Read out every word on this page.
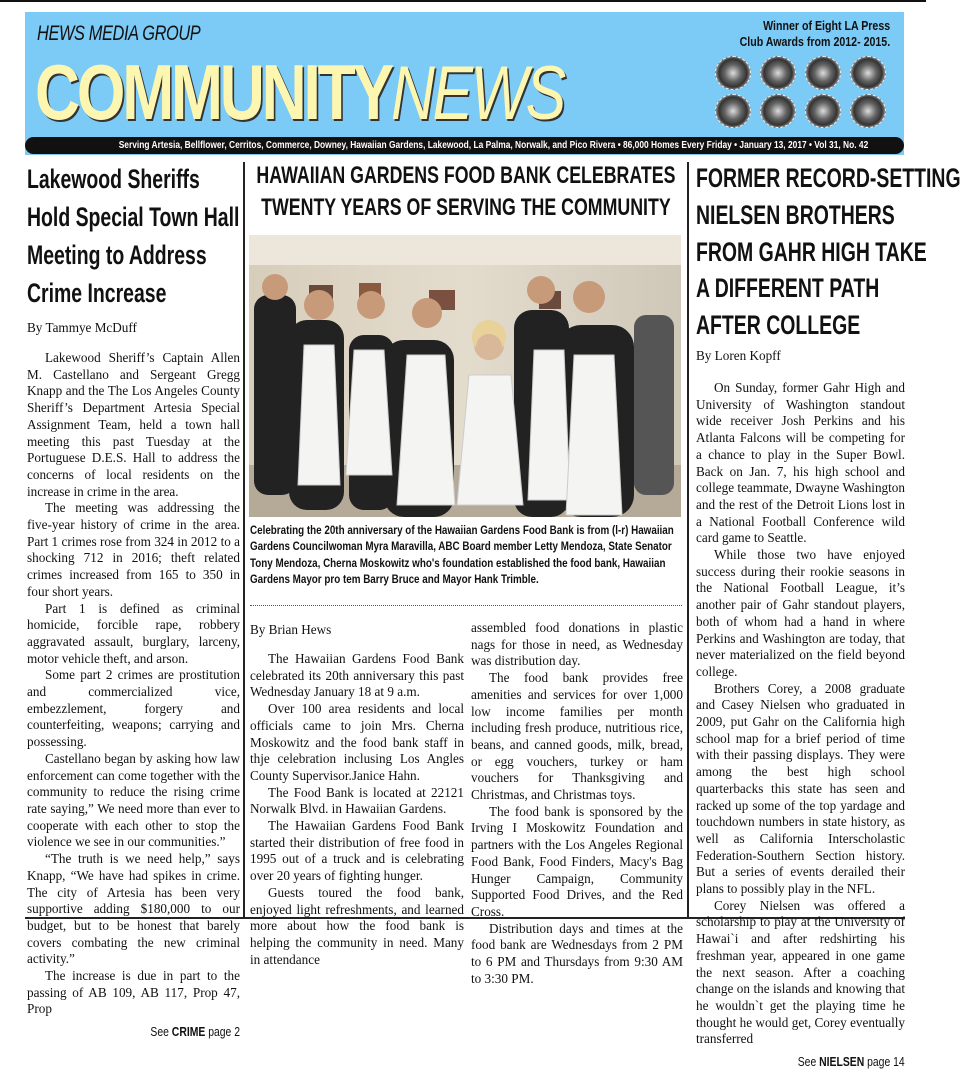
HEWS MEDIA GROUP
COMMUNITYNEWS
Winner of Eight LA Press
Club Awards from 2012- 2015.
Serving Artesia, Bellflower, Cerritos, Commerce, Downey, Hawaiian Gardens, Lakewood, La Palma, Norwalk, and Pico Rivera • 86,000 Homes Every Friday • January 13, 2017 • Vol 31, No. 42
Lakewood Sheriffs
Hold Special Town Hall
Meeting to Address
Crime Increase
By Tammye McDuff

Lakewood Sheriff’s Captain Allen M. Castellano and Sergeant Gregg Knapp and the The Los Angeles County Sheriff’s Department Artesia Special Assignment Team, held a town hall meeting this past Tuesday at the Portuguese D.E.S. Hall to address the concerns of local residents on the increase in crime in the area.

The meeting was addressing the five-year history of crime in the area. Part 1 crimes rose from 324 in 2012 to a shocking 712 in 2016; theft related crimes increased from 165 to 350 in four short years.

Part 1 is defined as criminal homicide, forcible rape, robbery aggravated assault, burglary, larceny, motor vehicle theft, and arson.

Some part 2 crimes are prostitution and commercialized vice, embezzlement, forgery and counterfeiting, weapons; carrying and possessing.

Castellano began by asking how law enforcement can come together with the community to reduce the rising crime rate saying,” We need more than ever to cooperate with each other to stop the violence we see in our communities.”

“The truth is we need help,” says Knapp, “We have had spikes in crime. The city of Artesia has been very supportive adding $180,000 to our budget, but to be honest that barely covers combating the new criminal activity.”

The increase is due in part to the passing of AB 109, AB 117, Prop 47, Prop

See CRIME page 2
HAWAIIAN GARDENS FOOD BANK CELEBRATES
TWENTY YEARS OF SERVING THE COMMUNITY
Celebrating the 20th anniversary of the Hawaiian Gardens Food Bank is from (l-r) Hawaiian Gardens Councilwoman Myra Maravilla, ABC Board member Letty Mendoza, State Senator Tony Mendoza, Cherna Moskowitz who's foundation established the food bank, Hawaiian Gardens Mayor pro tem Barry Bruce and Mayor Hank Trimble.
By Brian Hews

The Hawaiian Gardens Food Bank celebrated its 20th anniversary this past Wednesday January 18 at 9 a.m.

Over 100 area residents and local officials came to join Mrs. Cherna Moskowitz and the food bank staff in thje celebration inclusing Los Angles County Supervisor.Janice Hahn.

The Food Bank is located at 22121 Norwalk Blvd. in Hawaiian Gardens.

The Hawaiian Gardens Food Bank started their distribution of free food in 1995 out of a truck and is celebrating over 20 years of fighting hunger.

Guests toured the food bank, enjoyed light refreshments, and learned more about how the food bank is helping the community in need. Many in attendance

assembled food donations in plastic nags for those in need, as Wednesday was distribution day.

The food bank provides free amenities and services for over 1,000 low income families per month including fresh produce, nutritious rice, beans, and canned goods, milk, bread, or egg vouchers, turkey or ham vouchers for Thanksgiving and Christmas, and Christmas toys.

The food bank is sponsored by the Irving I Moskowitz Foundation and partners with the Los Angeles Regional Food Bank, Food Finders, Macy's Bag Hunger Campaign, Community Supported Food Drives, and the Red Cross.

Distribution days and times at the food bank are Wednesdays from 2 PM to 6 PM and Thursdays from 9:30 AM to 3:30 PM.

FORMER RECORD-SETTING
NIELSEN BROTHERS
FROM GAHR HIGH TAKE
A DIFFERENT PATH
AFTER COLLEGE
By Loren Kopff

On Sunday, former Gahr High and University of Washington standout wide receiver Josh Perkins and his Atlanta Falcons will be competing for a chance to play in the Super Bowl. Back on Jan. 7, his high school and college teammate, Dwayne Washington and the rest of the Detroit Lions lost in a National Football Conference wild card game to Seattle.

While those two have enjoyed success during their rookie seasons in the National Football League, it’s another pair of Gahr standout players, both of whom had a hand in where Perkins and Washington are today, that never materialized on the field beyond college.

Brothers Corey, a 2008 graduate and Casey Nielsen who graduated in 2009, put Gahr on the California high school map for a brief period of time with their passing displays. They were among the best high school quarterbacks this state has seen and racked up some of the top yardage and touchdown numbers in state history, as well as California Interscholastic Federation-Southern Section history. But a series of events derailed their plans to possibly play in the NFL.

Corey Nielsen was offered a scholarship to play at the University of Hawai`i and after redshirting his freshman year, appeared in one game the next season. After a coaching change on the islands and knowing that he wouldn`t get the playing time he thought he would get, Corey eventually transferred

See NIELSEN page 14
